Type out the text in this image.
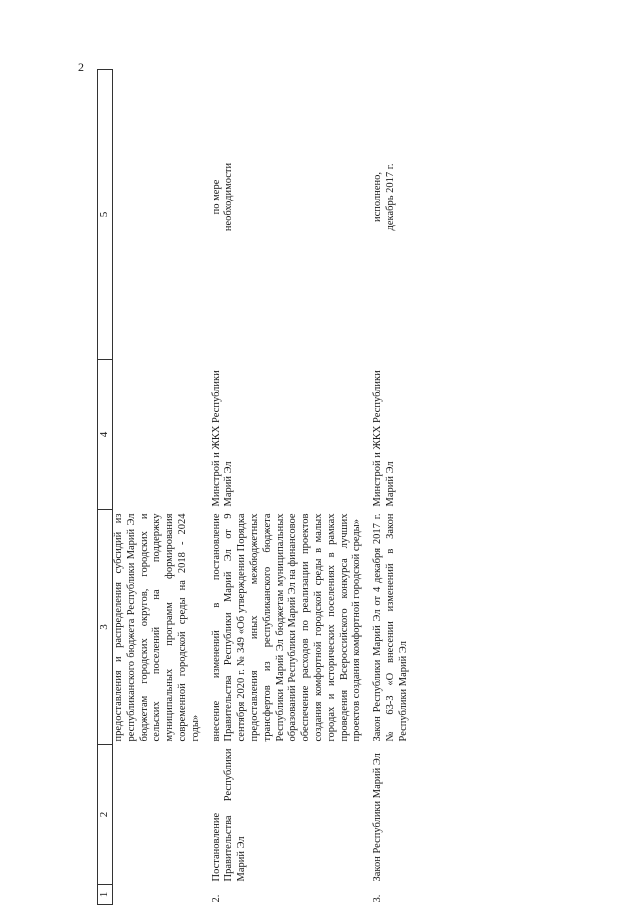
2
1	2	3	4	5
		предоставления и распределения субсидий из республиканского бюджета Республики Марий Эл бюджетам городских округов, городских и сельских поселений на поддержку муниципальных программ формирования современной городской среды на 2018 - 2024 годы»		
2.	Постановление Правительства Республики Марий Эл	внесение изменений в постановление Правительства Республики Марий Эл от 9 сентября 2020 г. № 349 «Об утверждении Порядка предоставления иных межбюджетных трансфертов из республиканского бюджета Республики Марий Эл бюджетам муниципальных образований Республики Марий Эл на финансовое обеспечение расходов по реализации проектов создания комфортной городской среды в малых городах и исторических поселениях в рамках проведения Всероссийского конкурса лучших проектов создания комфортной городской среды»	Минстрой и ЖКХ Республики Марий Эл	по мере необходимости
3.	Закон Республики Марий Эл	Закон Республики Марий Эл от 4 декабря 2017 г. № 63-З «О внесении изменений в Закон Республики Марий Эл	Минстрой и ЖКХ Республики Марий Эл	исполнено, декабрь 2017 г.
